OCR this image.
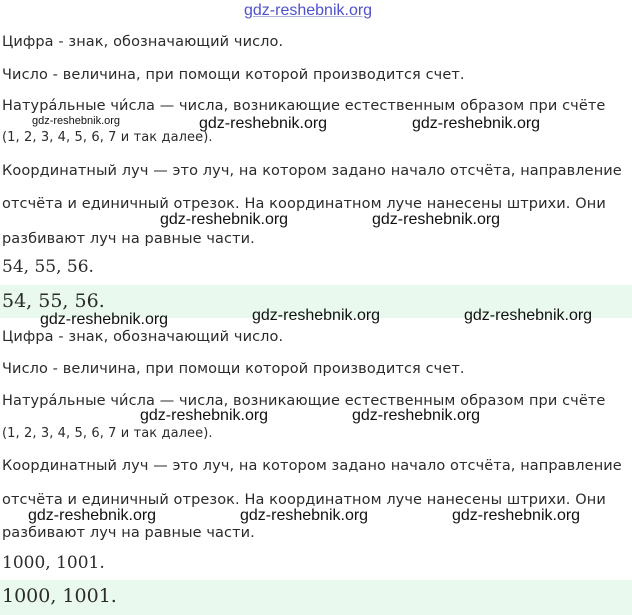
gdz-reshebnik.org
Цифра - знак, обозначающий число.
Число - величина, при помощи которой производится счет.
Натура́льные чи́сла — числа, возникающие естественным образом при счёте
(1, 2, 3, 4, 5, 6, 7 и так далее).
Координатный луч — это луч, на котором задано начало отсчёта, направление
отсчёта и единичный отрезок. На координатном луче нанесены штрихи. Они
разбивают луч на равные части.
54, 55, 56.
54, 55, 56.
gdz-reshebnik.org	gdz-reshebnik.org	gdz-reshebnik.org
gdz-reshebnik.org	gdz-reshebnik.org
gdz-reshebnik.org	gdz-reshebnik.org	gdz-reshebnik.org
Цифра - знак, обозначающий число.
Число - величина, при помощи которой производится счет.
Натура́льные чи́сла — числа, возникающие естественным образом при счёте
(1, 2, 3, 4, 5, 6, 7 и так далее).
Координатный луч — это луч, на котором задано начало отсчёта, направление
отсчёта и единичный отрезок. На координатном луче нанесены штрихи. Они
разбивают луч на равные части.
1000, 1001.
1000, 1001.
gdz-reshebnik.org	gdz-reshebnik.org
gdz-reshebnik.org	gdz-reshebnik.org	gdz-reshebnik.org
